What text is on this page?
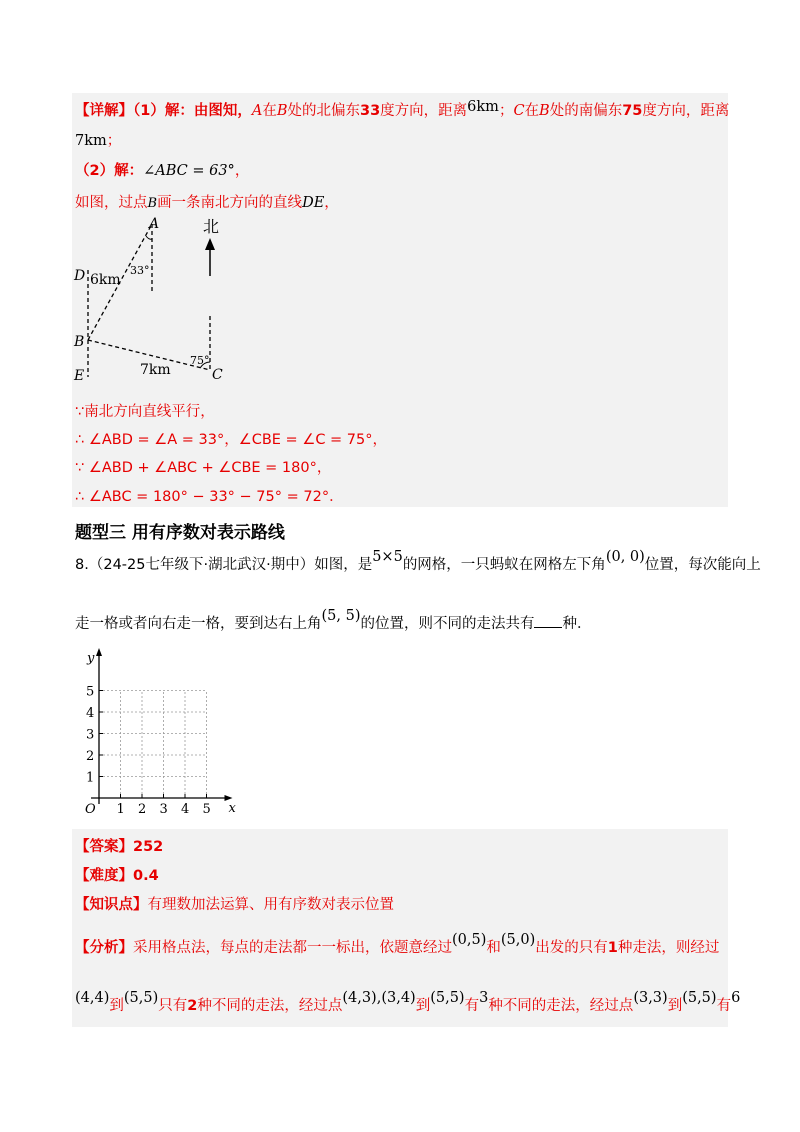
【详解】（1）解：由图知，A在B处的北偏东33度方向，距离6km；C在B处的南偏东75度方向，距离
7km；
（2）解：∠ABC = 63°，
如图，过点B画一条南北方向的直线DE，
北
A
D 6km
33°
B
E	7km
75°
C
∵南北方向直线平行，
∴ ∠ABD = ∠A = 33°，∠CBE = ∠C = 75°，
∵ ∠ABD + ∠ABC + ∠CBE = 180°，
∴ ∠ABC = 180° − 33° − 75° = 72°．
题型三 用有序数对表示路线
8.（24-25七年级下·湖北武汉·期中）如图，是5×5的网格，一只蚂蚁在网格左下角(0, 0)位置，每次能向上
走一格或者向右走一格，要到达右上角(5, 5)的位置，则不同的走法共有 种．
1 2 3 4 5
1
2
3
4
5
O	x
y
【答案】252
【难度】0.4
【知识点】有理数加法运算、用有序数对表示位置
【分析】采用格点法，每点的走法都一一标出，依题意经过(0,5)和(5,0)出发的只有1种走法，则经过
(4,4)到(5,5)只有2种不同的走法，经过点(4,3),(3,4)到(5,5)有3种不同的走法，经过点(3,3)到(5,5)有6
